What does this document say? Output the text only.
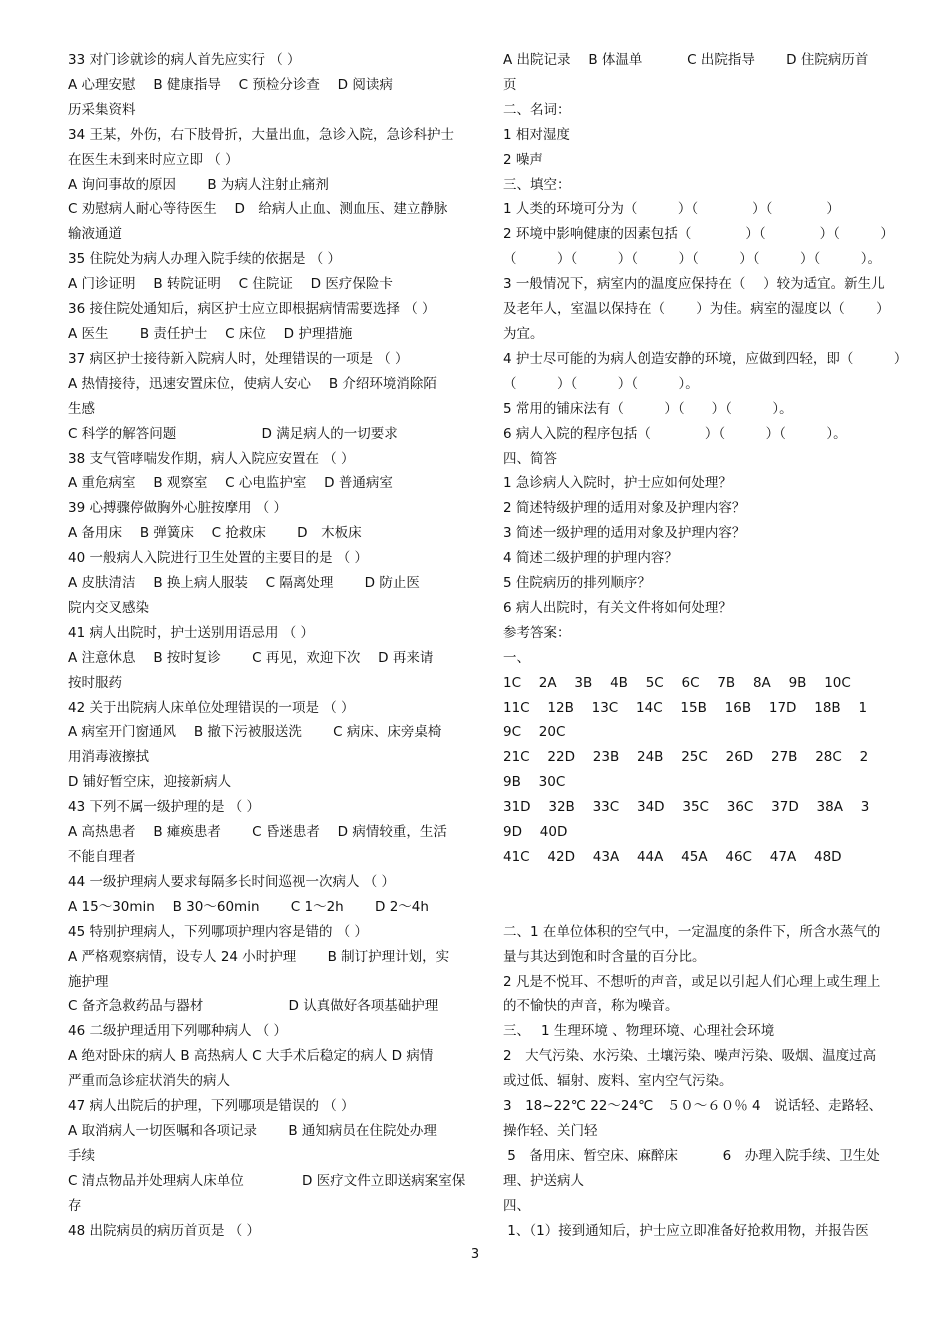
33 对门诊就诊的病人首先应实行 （ ）
A 心理安慰　 B 健康指导　 C 预检分诊查　 D 阅读病
历采集资料
34 王某，外伤，右下肢骨折，大量出血，急诊入院，急诊科护士
在医生未到来时应立即 （ ）
A 询问事故的原因　　 B 为病人注射止痛剂
C 劝慰病人耐心等待医生　 D　给病人止血、测血压、建立静脉
输液通道
35 住院处为病人办理入院手续的依据是 （ ）
A 门诊证明　 B 转院证明　 C 住院证　 D 医疗保险卡
36 接住院处通知后，病区护士应立即根据病情需要选择 （ ）
A 医生　　 B 责任护士　 C 床位　 D 护理措施
37 病区护士接待新入院病人时，处理错误的一项是 （ ）
A 热情接待，迅速安置床位，使病人安心　 B 介绍环境消除陌
生感
C 科学的解答问题　　　　　　 D 满足病人的一切要求
38 支气管哮喘发作期，病人入院应安置在 （ ）
A 重危病室　 B 观察室　 C 心电监护室　 D 普通病室
39 心搏骤停做胸外心脏按摩用 （ ）
A 备用床　 B 弹簧床　 C 抢救床　　 D　木板床
40 一般病人入院进行卫生处置的主要目的是 （ ）
A 皮肤清洁　 B 换上病人服装　 C 隔离处理　　 D 防止医
院内交叉感染
41 病人出院时，护士送别用语忌用 （ ）
A 注意休息　 B 按时复诊　　 C 再见，欢迎下次　 D 再来请
按时服药
42 关于出院病人床单位处理错误的一项是 （ ）
A 病室开门窗通风　 B 撤下污被服送洗　　 C 病床、床旁桌椅
用消毒液擦拭
D 铺好暂空床，迎接新病人
43 下列不属一级护理的是 （ ）
A 高热患者　 B 瘫痪患者　　 C 昏迷患者　 D 病情较重，生活
不能自理者
44 一级护理病人要求每隔多长时间巡视一次病人 （ ）
A 15～30min　 B 30～60min　　 C 1～2h　　 D 2～4h
45 特别护理病人，下列哪项护理内容是错的 （ ）
A 严格观察病情，设专人 24 小时护理　　 B 制订护理计划，实
施护理
C 备齐急救药品与器材　　　　　　 D 认真做好各项基础护理
46 二级护理适用下列哪种病人 （ ）
A 绝对卧床的病人 B 高热病人 C 大手术后稳定的病人 D 病情
严重而急诊症状消失的病人
47 病人出院后的护理，下列哪项是错误的 （ ）
A 取消病人一切医嘱和各项记录　　 B 通知病员在住院处办理
手续
C 清点物品并处理病人床单位　　　　 D 医疗文件立即送病案室保
存
48 出院病员的病历首页是 （ ）
A 出院记录　 B 体温单　　　 C 出院指导　　 D 住院病历首
页
二、名词：
1 相对湿度
2 噪声
三、填空：
1 人类的环境可分为（　　　）（　　　　）（　　　　）
2 环境中影响健康的因素包括（　　　　）（　　　　）（　　　）
（　　　）（　　　）（　　　）（　　　）（　　　）（　　　）。
3 一般情况下，病室内的温度应保持在（　 ）较为适宜。新生儿
及老年人，室温以保持在（　　 ）为佳。病室的湿度以（　　 ）
为宜。
4 护士尽可能的为病人创造安静的环境，应做到四轻，即（　　　）
（　　　）（　　　）（　　　）。
5 常用的铺床法有（　　　）（　　）（　　　）。
6 病人入院的程序包括（　　　　）（　　　）（　　　）。
四、简答
1 急诊病人入院时，护士应如何处理？
2 简述特级护理的适用对象及护理内容？
3 简述一级护理的适用对象及护理内容？
4 简述二级护理的护理内容？
5 住院病历的排列顺序？
6 病人出院时，有关文件将如何处理？
参考答案：
一、
1C　 2A　 3B　 4B　 5C　 6C　 7B　 8A　 9B　 10C
11C　 12B　 13C　 14C　 15B　 16B　 17D　 18B　 1
9C　 20C
21C　 22D　 23B　 24B　 25C　 26D　 27B　 28C　 2
9B　 30C
31D　 32B　 33C　 34D　 35C　 36C　 37D　 38A　 3
9D　 40D
41C　 42D　 43A　 44A　 45A　 46C　 47A　 48D
二、1 在单位体积的空气中，一定温度的条件下，所含水蒸气的
量与其达到饱和时含量的百分比。
2 凡是不悦耳、不想听的声音，或足以引起人们心理上或生理上
的不愉快的声音，称为噪音。
三、　 1 生理环境 、物理环境、心理社会环境
2　大气污染、水污染、土壤污染、噪声污染、吸烟、温度过高
或过低、辐射、废料、室内空气污染。
3　18~22℃ 22～24℃　５０～６０％ 4　说话轻、走路轻、
操作轻、关门轻
5　备用床、暂空床、麻醉床　　　 6　办理入院手续、卫生处
理、护送病人
四、
1、（1）接到通知后，护士应立即准备好抢救用物，并报告医
3
